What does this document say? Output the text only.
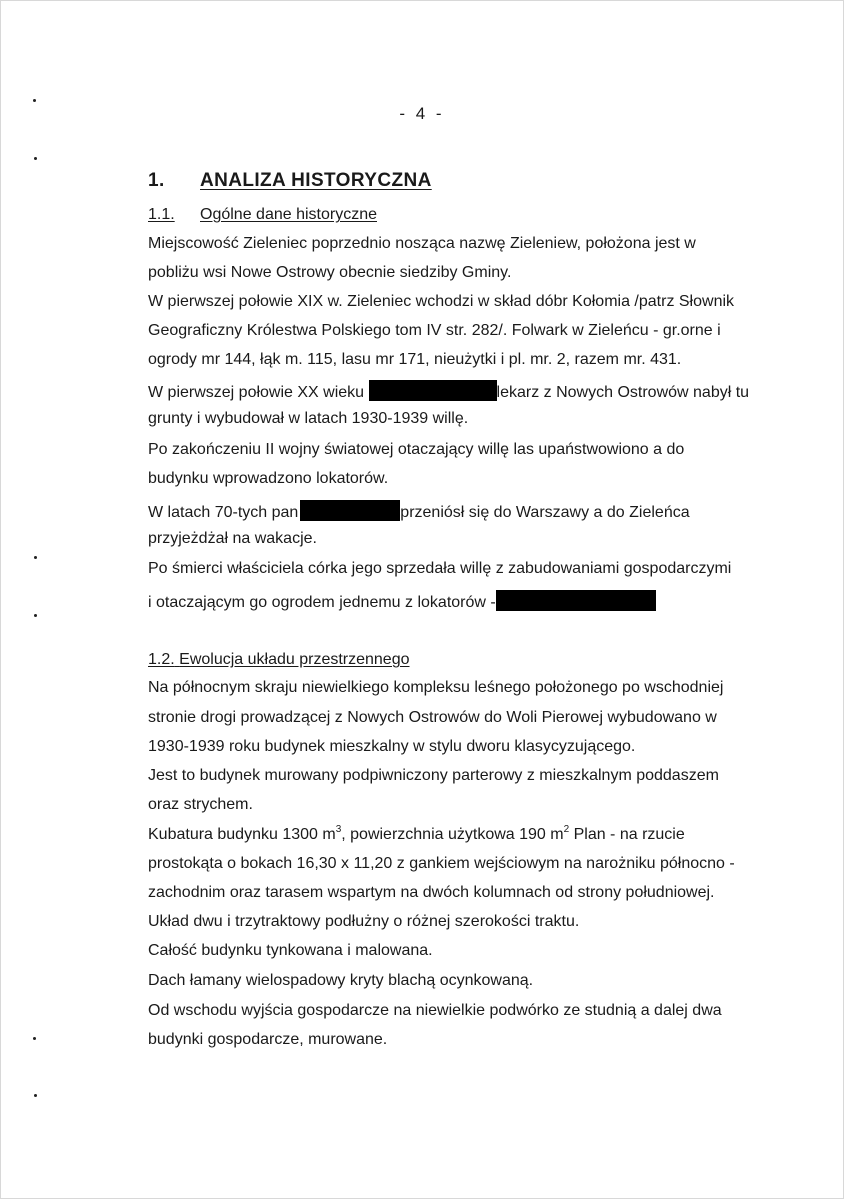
- 4 -
1. ANALIZA HISTORYCZNA
1.1. Ogólne dane historyczne
Miejscowość Zieleniec poprzednio nosząca nazwę Zieleniew, położona jest w
pobliżu wsi Nowe Ostrowy obecnie siedziby Gminy.
W pierwszej połowie XIX w. Zieleniec wchodzi w skład dóbr Kołomia /patrz Słownik
Geograficzny Królestwa Polskiego tom IV str. 282/. Folwark w Zieleńcu - gr.orne i
ogrody mr 144, łąk m. 115, lasu mr 171, nieużytki i pl. mr. 2, razem mr. 431.
W pierwszej połowie XX wieku	lekarz z Nowych Ostrowów nabył tu
grunty i wybudował w latach 1930-1939 willę.
Po zakończeniu II wojny światowej otaczający willę las upaństwowiono a do
budynku wprowadzono lokatorów.
W latach 70-tych pan	przeniósł się do Warszawy a do Zieleńca
przyjeżdżał na wakacje.
Po śmierci właściciela córka jego sprzedała willę z zabudowaniami gospodarczymi
i otaczającym go ogrodem jednemu z lokatorów -
1.2. Ewolucja układu przestrzennego
Na północnym skraju niewielkiego kompleksu leśnego położonego po wschodniej
stronie drogi prowadzącej z Nowych Ostrowów do Woli Pierowej wybudowano w
1930-1939 roku budynek mieszkalny w stylu dworu klasycyzującego.
Jest to budynek murowany podpiwniczony parterowy z mieszkalnym poddaszem
oraz strychem.
Kubatura budynku 1300 $m^3$, powierzchnia użytkowa 190 $m^2$ Plan - na rzucie
prostokąta o bokach 16,30 x 11,20 z gankiem wejściowym na narożniku północno -
zachodnim oraz tarasem wspartym na dwóch kolumnach od strony południowej.
Układ dwu i trzytraktowy podłużny o różnej szerokości traktu.
Całość budynku tynkowana i malowana.
Dach łamany wielospadowy kryty blachą ocynkowaną.
Od wschodu wyjścia gospodarcze na niewielkie podwórko ze studnią a dalej dwa
budynki gospodarcze, murowane.
